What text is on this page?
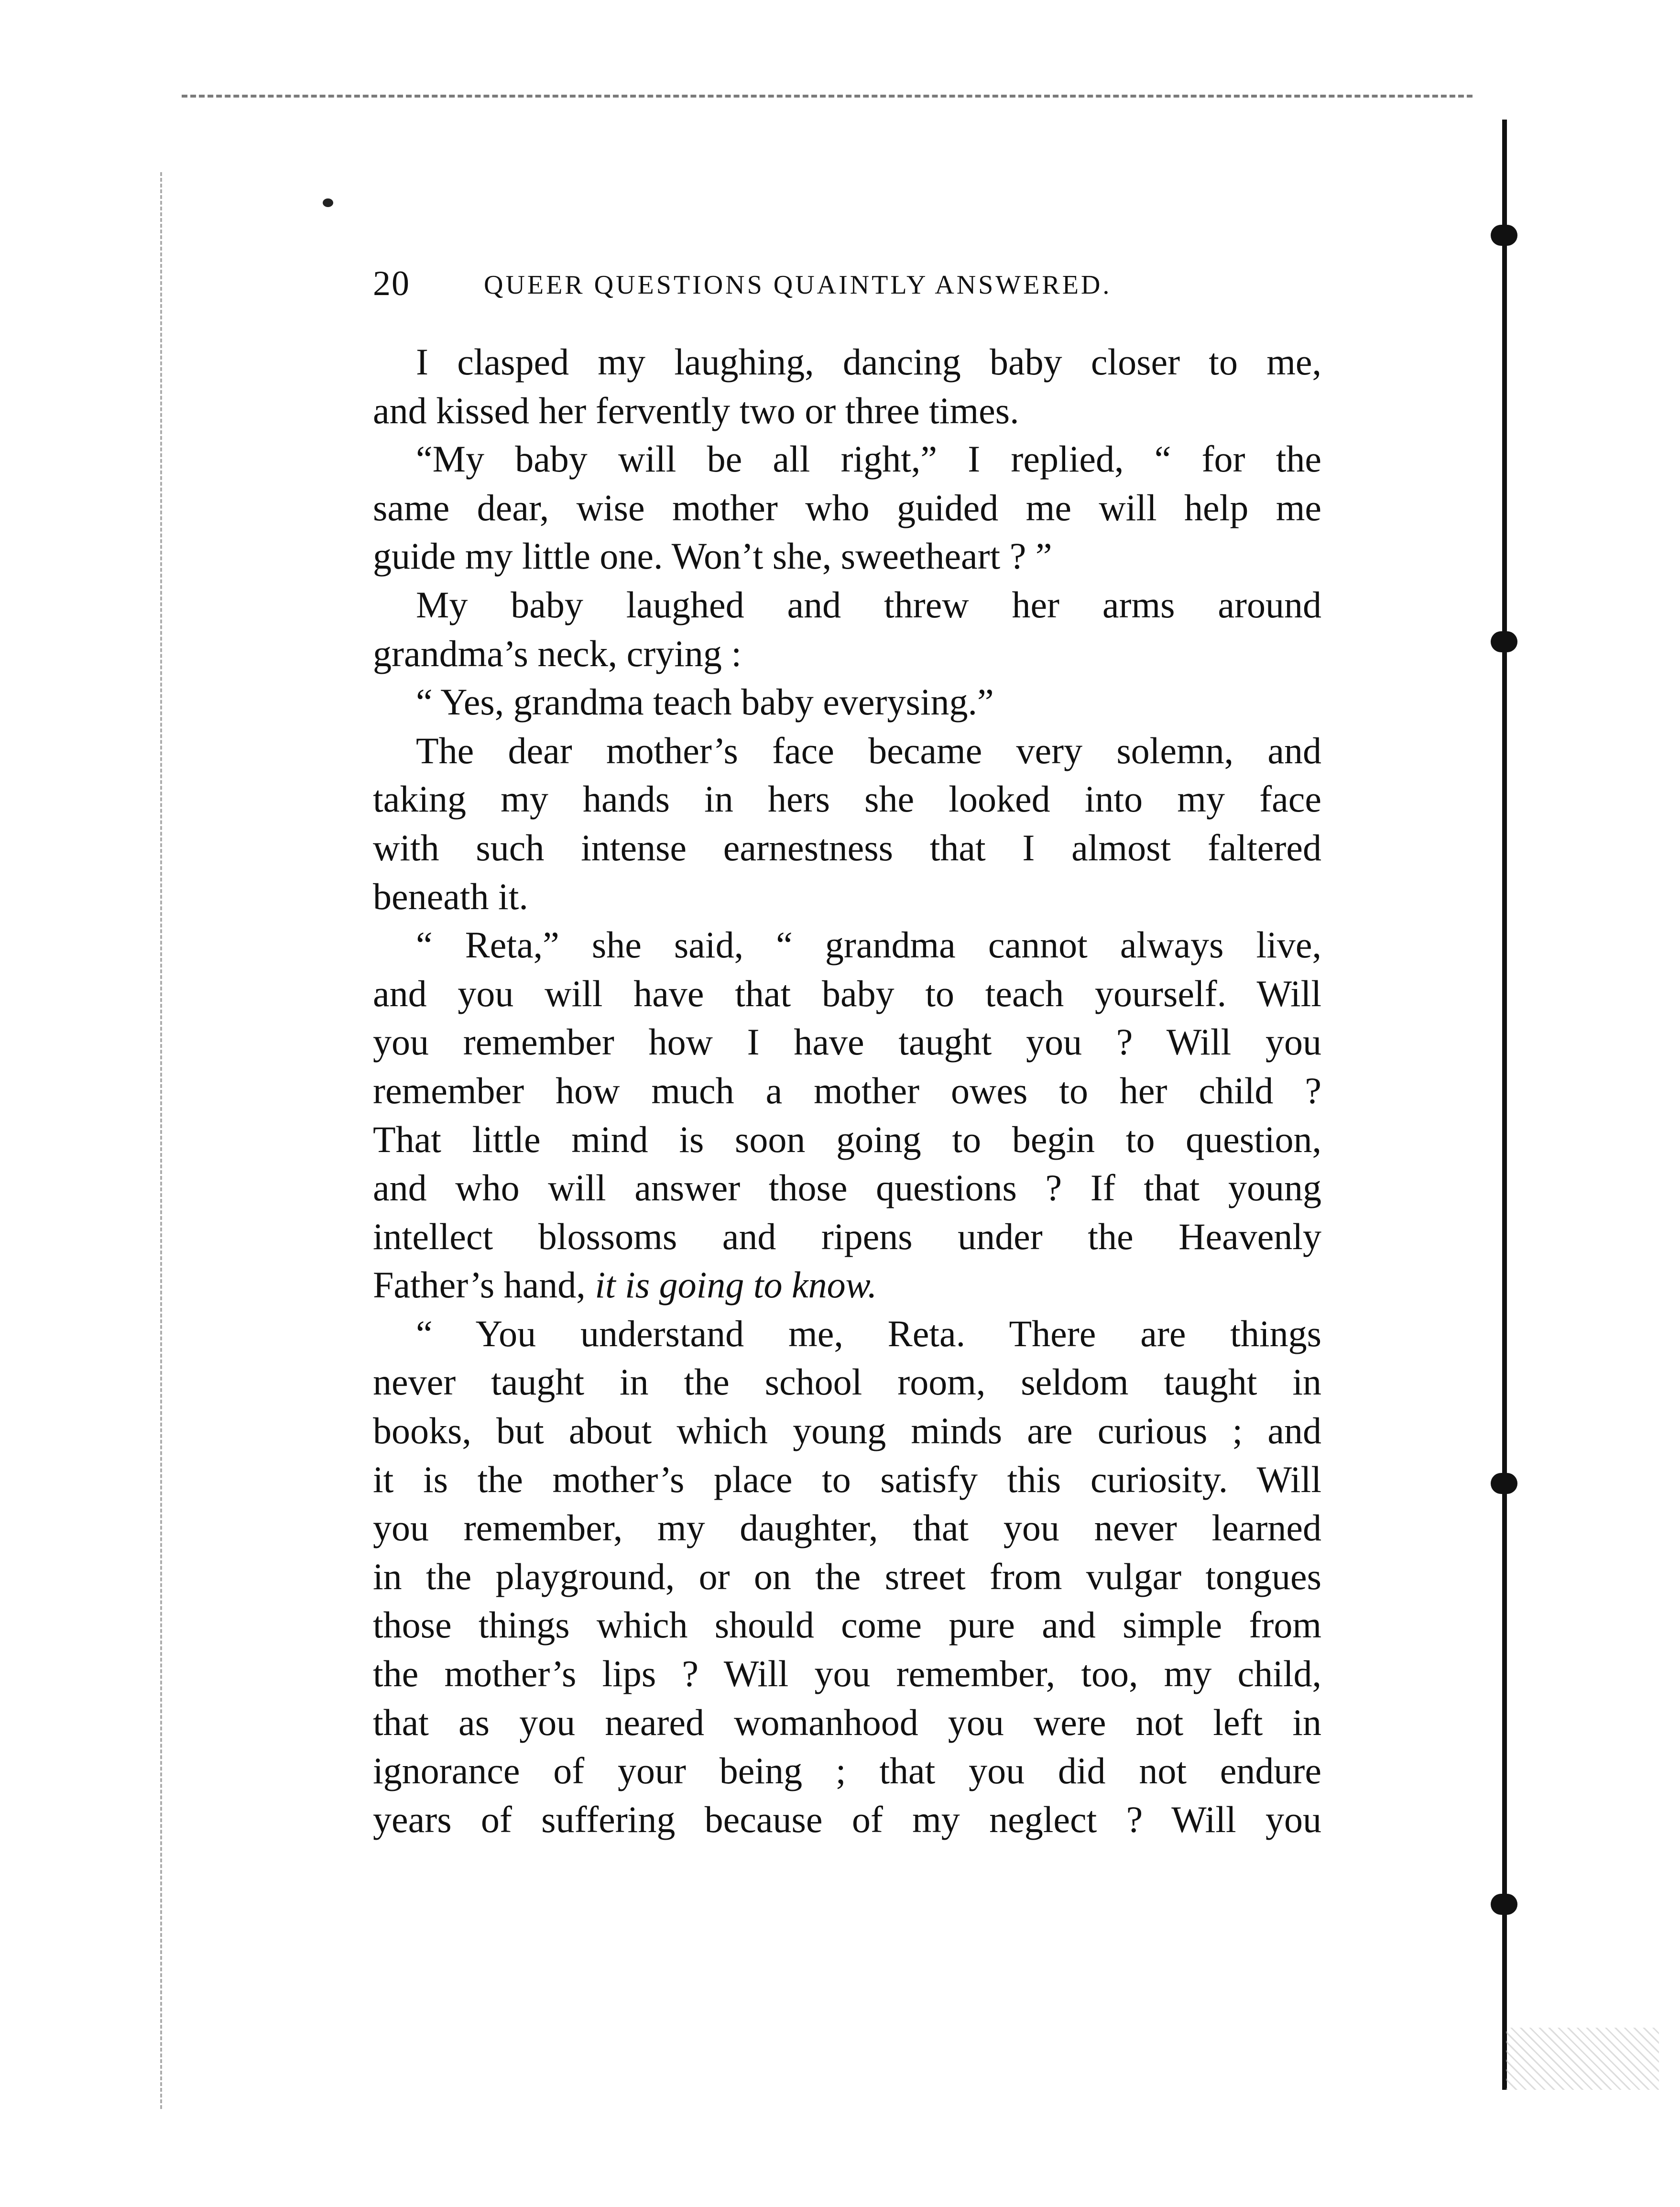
20	QUEER QUESTIONS QUAINTLY ANSWERED.

I clasped my laughing, dancing baby closer to me,
and kissed her fervently two or three times.
“My baby will be all right,” I replied, “ for the
same dear, wise mother who guided me will help me
guide my little one. Won’t she, sweetheart ? ”
My baby laughed and threw her arms around
grandma’s neck, crying :
“ Yes, grandma teach baby everysing.”
The dear mother’s face became very solemn, and
taking my hands in hers she looked into my face
with such intense earnestness that I almost faltered
beneath it.
“ Reta,” she said, “ grandma cannot always live,
and you will have that baby to teach yourself. Will
you remember how I have taught you ? Will you
remember how much a mother owes to her child ?
That little mind is soon going to begin to question,
and who will answer those questions ? If that young
intellect blossoms and ripens under the Heavenly
Father’s hand, it is going to know.
“ You understand me, Reta. There are things
never taught in the school room, seldom taught in
books, but about which young minds are curious ; and
it is the mother’s place to satisfy this curiosity. Will
you remember, my daughter, that you never learned
in the playground, or on the street from vulgar tongues
those things which should come pure and simple from
the mother’s lips ? Will you remember, too, my child,
that as you neared womanhood you were not left in
ignorance of your being ; that you did not endure
years of suffering because of my neglect ? Will you
